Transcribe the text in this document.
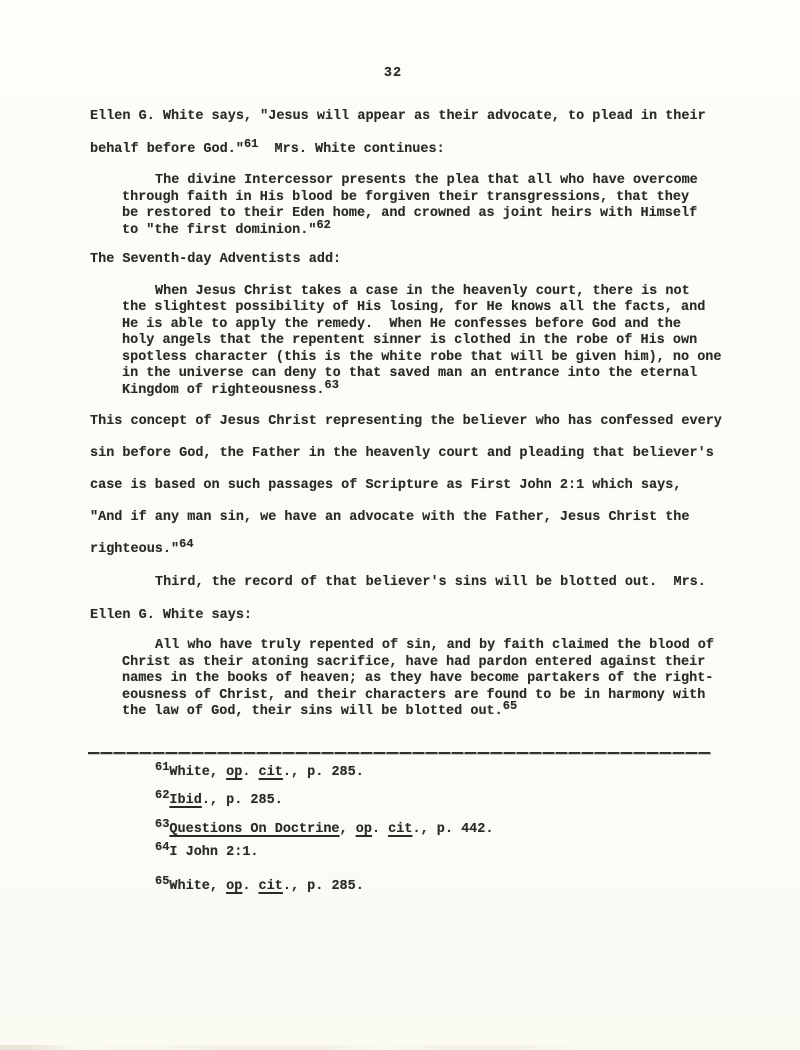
32
Ellen G. White says, "Jesus will appear as their advocate, to plead in their
behalf before God."$^{61}$  Mrs. White continues:
The divine Intercessor presents the plea that all who have overcome
through faith in His blood be forgiven their transgressions, that they
be restored to their Eden home, and crowned as joint heirs with Himself
to "the first dominion."$^{62}$
The Seventh-day Adventists add:
When Jesus Christ takes a case in the heavenly court, there is not
the slightest possibility of His losing, for He knows all the facts, and
He is able to apply the remedy.  When He confesses before God and the
holy angels that the repentent sinner is clothed in the robe of His own
spotless character (this is the white robe that will be given him), no one
in the universe can deny to that saved man an entrance into the eternal
Kingdom of righteousness.$^{63}$
This concept of Jesus Christ representing the believer who has confessed every
sin before God, the Father in the heavenly court and pleading that believer's
case is based on such passages of Scripture as First John 2:1 which says,
"And if any man sin, we have an advocate with the Father, Jesus Christ the
righteous."$^{64}$
Third, the record of that believer's sins will be blotted out.  Mrs.
Ellen G. White says:
All who have truly repented of sin, and by faith claimed the blood of
Christ as their atoning sacrifice, have had pardon entered against their
names in the books of heaven; as they have become partakers of the right-
eousness of Christ, and their characters are found to be in harmony with
the law of God, their sins will be blotted out.$^{65}$
$^{61}$White, op. cit., p. 285.
$^{62}$Ibid., p. 285.
$^{63}$Questions On Doctrine, op. cit., p. 442.
$^{64}$I John 2:1.
$^{65}$White, op. cit., p. 285.
